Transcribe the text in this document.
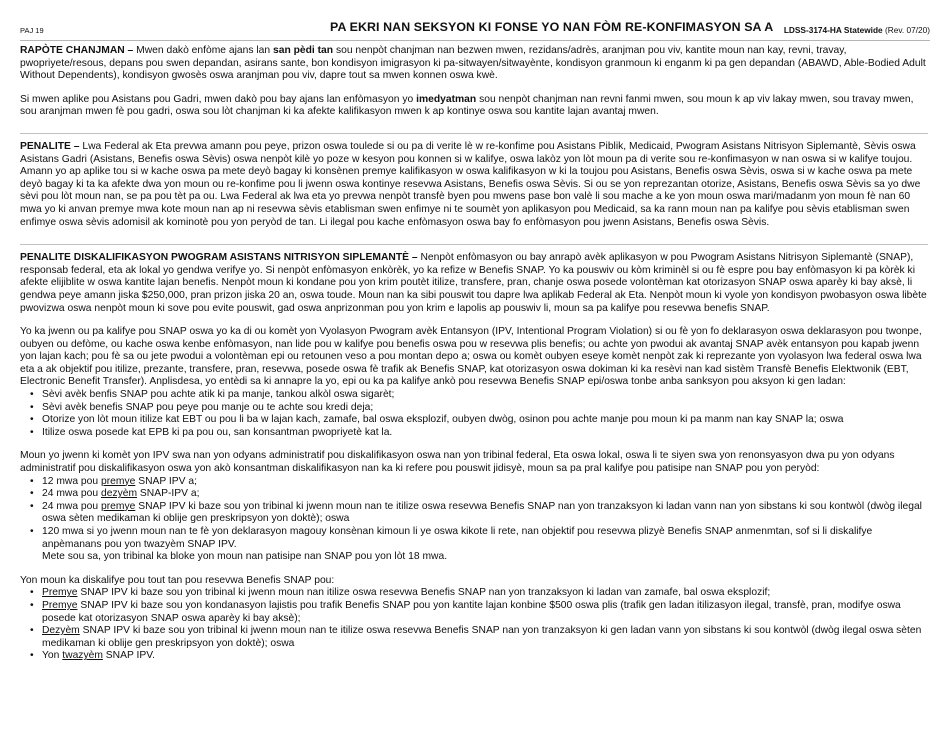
PAJ 19	PA EKRI NAN SEKSYON KI FONSE YO NAN FÒM RE-KONFIMASYON SA A LDSS-3174-HA Statewide (Rev. 07/20)

RAPÒTE CHANJMAN – Mwen dakò enfòme ajans lan san pèdi tan sou nenpòt chanjman nan bezwen mwen, rezidans/adrès, aranjman pou viv, kantite moun nan kay, revni, travay, pwopriyete/resous, depans pou swen depandan, asirans sante, bon kondisyon imigrasyon ki pa-sitwayen/sitwayènte, kondisyon granmoun ki enganm ki pa gen depandan (ABAWD, Able-Bodied Adult Without Dependents), kondisyon gwosès oswa aranjman pou viv, dapre tout sa mwen konnen oswa kwè.

Si mwen aplike pou Asistans pou Gadri, mwen dakò pou bay ajans lan enfòmasyon yo imedyatman sou nenpòt chanjman nan revni fanmi mwen, sou moun k ap viv lakay mwen, sou travay mwen, sou aranjman mwen fè pou gadri, oswa sou lòt chanjman ki ka afekte kalifikasyon mwen k ap kontinye oswa sou kantite lajan avantaj mwen.

PENALITE – Lwa Federal ak Eta prevwa amann pou peye, prizon oswa toulede si ou pa di verite lè w re-konfime pou Asistans Piblik, Medicaid, Pwogram Asistans Nitrisyon Siplemantè, Sèvis oswa Asistans Gadri (Asistans, Benefis oswa Sèvis) oswa nenpòt kilè yo poze w kesyon pou konnen si w kalifye, oswa lakòz yon lòt moun pa di verite sou re-konfimasyon w nan oswa si w kalifye toujou. Amann yo ap aplike tou si w kache oswa pa mete deyò bagay ki konsènen premye kalifikasyon w oswa kalifikasyon w ki la toujou pou Asistans, Benefis oswa Sèvis, oswa si w kache oswa pa mete deyò bagay ki ta ka afekte dwa yon moun ou re-konfime pou li jwenn oswa kontinye resevwa Asistans, Benefis oswa Sèvis. Si ou se yon reprezantan otorize, Asistans, Benefis oswa Sèvis sa yo dwe sèvi pou lòt moun nan, se pa pou tèt pa ou. Lwa Federal ak lwa eta yo prevwa nenpòt transfè byen pou mwens pase bon valè li sou mache a ke yon moun oswa mari/madanm yon moun fè nan 60 mwa yo ki anvan premye mwa kote moun nan ap ni resevwa sèvis etablisman swen enfimye ni te soumèt yon aplikasyon pou Medicaid, sa ka rann moun nan pa kalifye pou sèvis etablisman swen enfimye oswa sèvis adomisil ak kominotè pou yon peryòd de tan. Li ilegal pou kache enfòmasyon oswa bay fo enfòmasyon pou jwenn Asistans, Benefis oswa Sèvis.

PENALITE DISKALIFIKASYON PWOGRAM ASISTANS NITRISYON SIPLEMANTÈ – Nenpòt enfòmasyon ou bay anrapò avèk aplikasyon w pou Pwogram Asistans Nitrisyon Siplemantè (SNAP), responsab federal, eta ak lokal yo gendwa verifye yo. Si nenpòt enfòmasyon enkòrèk, yo ka refize w Benefis SNAP. Yo ka pouswiv ou kòm kriminèl si ou fè espre pou bay enfòmasyon ki pa kòrèk ki afekte elijiblite w oswa kantite lajan benefis. Nenpòt moun ki kondane pou yon krim poutèt itilize, transfere, pran, chanje oswa posede volontèman kat otorizasyon SNAP oswa aparèy ki bay aksè, li gendwa peye amann jiska $250,000, pran prizon jiska 20 an, oswa toude. Moun nan ka sibi pouswit tou dapre lwa aplikab Federal ak Eta. Nenpòt moun ki vyole yon kondisyon pwobasyon oswa libète pwovizwa oswa nenpòt moun ki sove pou evite pouswit, gad oswa anprizonman pou yon krim e lapolis ap pouswiv li, moun sa pa kalifye pou resevwa benefis SNAP.

Yo ka jwenn ou pa kalifye pou SNAP oswa yo ka di ou komèt yon Vyolasyon Pwogram avèk Entansyon (IPV, Intentional Program Violation) si ou fè yon fo deklarasyon oswa deklarasyon pou twonpe, oubyen ou defòme, ou kache oswa kenbe enfòmasyon, nan lide pou w kalifye pou benefis oswa pou w resevwa plis benefis; ou achte yon pwodui ak avantaj SNAP avèk entansyon pou kapab jwenn yon lajan kach; pou fè sa ou jete pwodui a volontèman epi ou retounen veso a pou montan depo a; oswa ou komèt oubyen eseye komèt nenpòt zak ki reprezante yon vyolasyon lwa federal oswa lwa eta a ak objektif pou itilize, prezante, transfere, pran, resevwa, posede oswa fè trafik ak Benefis SNAP, kat otorizasyon oswa dokiman ki ka resèvi nan kad sistèm Transfè Benefis Elektwonik (EBT, Electronic Benefit Transfer). Anplisdesa, yo entèdi sa ki annapre la yo, epi ou ka pa kalifye ankò pou resevwa Benefis SNAP epi/oswa tonbe anba sanksyon pou aksyon ki gen ladan:

• Sèvi avèk benfis SNAP pou achte atik ki pa manje, tankou alkòl oswa sigarèt;
• Sèvi avèk benefis SNAP pou peye pou manje ou te achte sou kredi deja;
• Otorize yon lòt moun itilize kat EBT ou pou li ba w lajan kach, zamafe, bal oswa eksplozif, oubyen dwòg, osinon pou achte manje pou moun ki pa manm nan kay SNAP la; oswa
• Itilize oswa posede kat EPB ki pa pou ou, san konsantman pwopriyetè kat la.

Moun yo jwenn ki komèt yon IPV swa nan yon odyans administratif pou diskalifikasyon oswa nan yon tribinal federal, Eta oswa lokal, oswa li te siyen swa yon renonsyasyon dwa pu yon odyans administratif pou diskalifikasyon oswa yon akò konsantman diskalifikasyon nan ka ki refere pou pouswit jidisyè, moun sa pa pral kalifye pou patisipe nan SNAP pou yon peryòd:

• 12 mwa pou premye SNAP IPV a;
• 24 mwa pou dezyèm SNAP-IPV a;
• 24 mwa pou premye SNAP IPV ki baze sou yon tribinal ki jwenn moun nan te itilize oswa resevwa Benefis SNAP nan yon tranzaksyon ki ladan vann nan yon sibstans ki sou kontwòl (dwòg ilegal oswa sèten medikaman ki oblije gen preskripsyon yon doktè); oswa
• 120 mwa si yo jwenn moun nan te fè yon deklarasyon magouy konsènan kimoun li ye oswa kikote li rete, nan objektif pou resevwa plizyè Benefis SNAP anmenmtan, sof si li diskalifye anpèmanans pou yon twazyèm SNAP IPV.

Mete sou sa, yon tribinal ka bloke yon moun nan patisipe nan SNAP pou yon lòt 18 mwa.

Yon moun ka diskalifye pou tout tan pou resevwa Benefis SNAP pou:

• Premye SNAP IPV ki baze sou yon tribinal ki jwenn moun nan itilize oswa resevwa Benefis SNAP nan yon tranzaksyon ki ladan van zamafe, bal oswa eksplozif;
• Premye SNAP IPV ki baze sou yon kondanasyon lajistis pou trafik Benefis SNAP pou yon kantite lajan konbine $500 oswa plis (trafik gen ladan itilizasyon ilegal, transfè, pran, modifye oswa posede kat otorizasyon SNAP oswa aparèy ki bay aksè);
• Dezyèm SNAP IPV ki baze sou yon tribinal ki jwenn moun nan te itilize oswa resevwa Benefis SNAP nan yon tranzaksyon ki gen ladan vann yon sibstans ki sou kontwòl (dwòg ilegal oswa sèten medikaman ki oblije gen preskripsyon yon doktè); oswa
• Yon twazyèm SNAP IPV.
